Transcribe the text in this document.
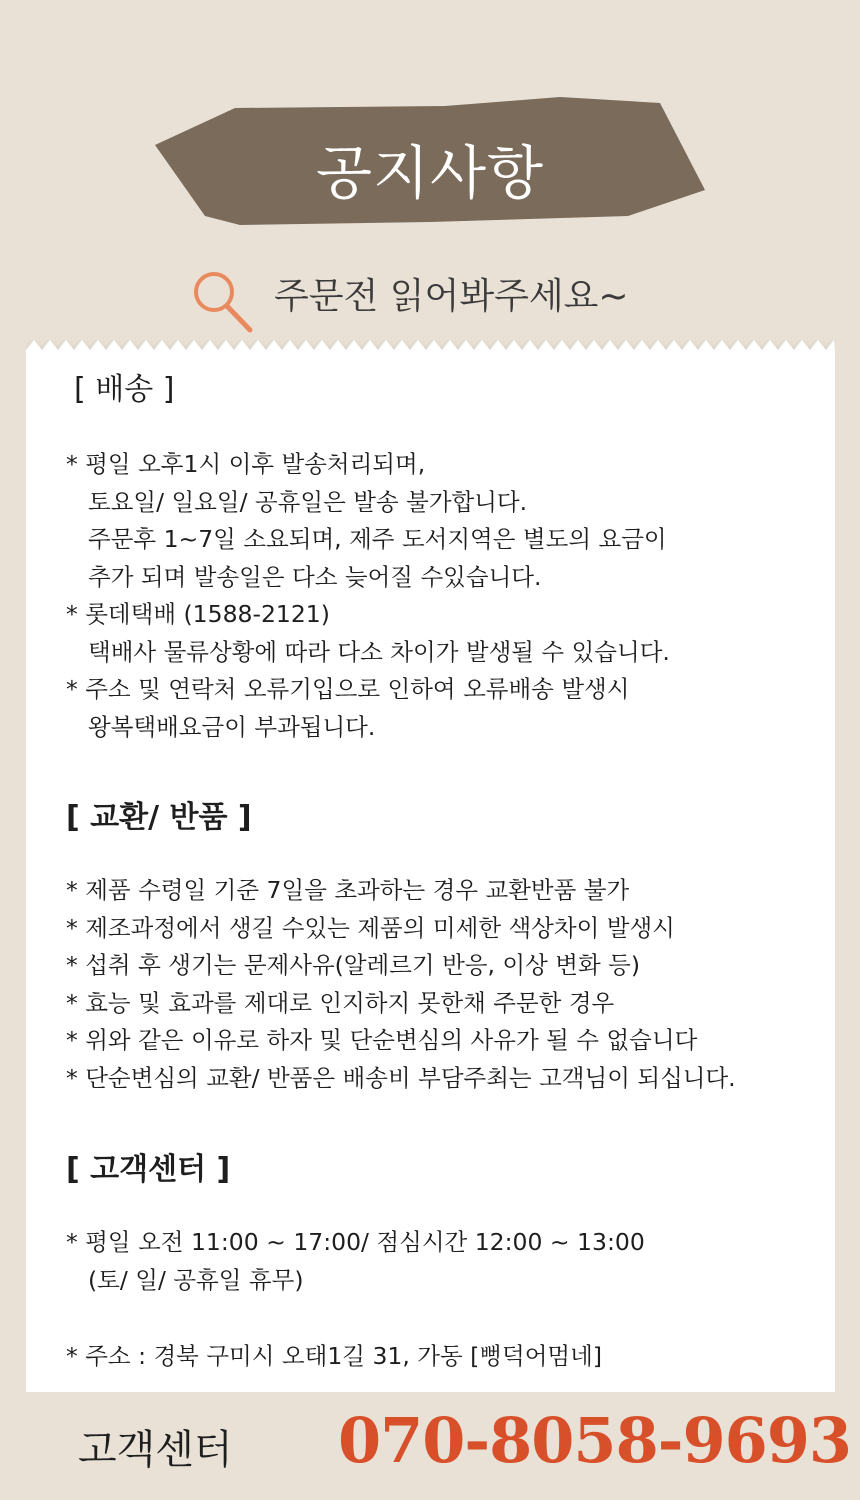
공지사항
주문전 읽어봐주세요~
[ 배송 ]
* 평일 오후1시 이후 발송처리되며,
토요일/ 일요일/ 공휴일은 발송 불가합니다.
주문후 1~7일 소요되며, 제주 도서지역은 별도의 요금이
추가 되며 발송일은 다소 늦어질 수있습니다.
* 롯데택배 (1588-2121)
택배사 물류상황에 따라 다소 차이가 발생될 수 있습니다.
* 주소 및 연락처 오류기입으로 인하여 오류배송 발생시
왕복택배요금이 부과됩니다.
[ 교환/ 반품 ]
* 제품 수령일 기준 7일을 초과하는 경우 교환반품 불가
* 제조과정에서 생길 수있는 제품의 미세한 색상차이 발생시
* 섭취 후 생기는 문제사유(알레르기 반응, 이상 변화 등)
* 효능 및 효과를 제대로 인지하지 못한채 주문한 경우
* 위와 같은 이유로 하자 및 단순변심의 사유가 될 수 없습니다
* 단순변심의 교환/ 반품은 배송비 부담주최는 고객님이 되십니다.
[ 고객센터 ]
* 평일 오전 11:00 ~ 17:00/ 점심시간 12:00 ~ 13:00
(토/ 일/ 공휴일 휴무)
* 주소 : 경북 구미시 오태1길 31, 가동 [뻥덕어멈네]
고객센터 070-8058-9693
